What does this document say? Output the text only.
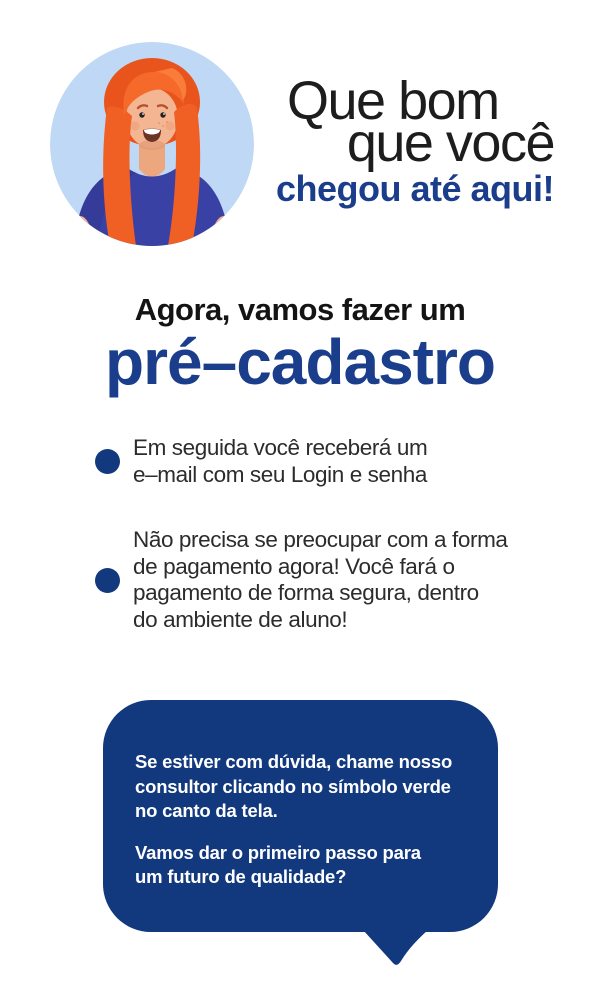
Que bom
que você
chegou até aqui!
Agora, vamos fazer um
pré–cadastro
Em seguida você receberá um
e–mail com seu Login e senha
Não precisa se preocupar com a forma
de pagamento agora! Você fará o
pagamento de forma segura, dentro
do ambiente de aluno!
Se estiver com dúvida, chame nosso
consultor clicando no símbolo verde
no canto da tela.
Vamos dar o primeiro passo para
um futuro de qualidade?
